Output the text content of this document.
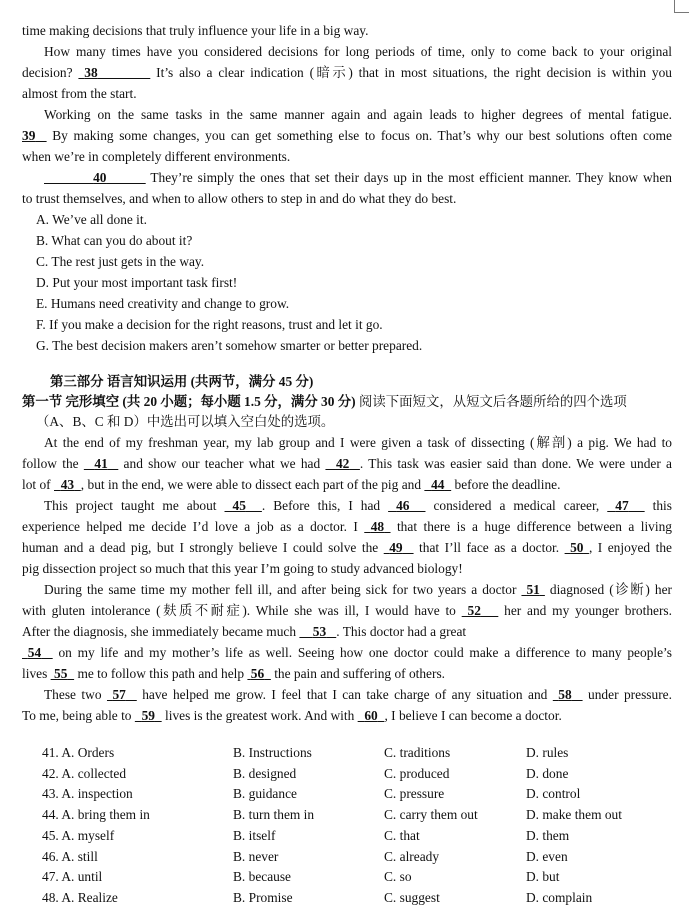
time making decisions that truly influence your life in a big way.
How many times have you considered decisions for long periods of time, only to come back to your original
decision?  38	It’s also a clear indication (暗示) that in most situations, the right decision is within you
almost from the start.
Working on the same tasks in the same manner again and again leads to higher degrees of mental fatigue.
39   By making some changes, you can get something else to focus on. That’s why our best solutions often come
when we’re in completely different environments.
40	They’re simply the ones that set their days up in the most efficient manner. They know when
to trust themselves, and when to allow others to step in and do what they do best.
A. We’ve all done it.
B. What can you do about it?
C. The rest just gets in the way.
D. Put your most important task first!
E. Humans need creativity and change to grow.
F. If you make a decision for the right reasons, trust and let it go.
G. The best decision makers aren’t somehow smarter or better prepared.
第三部分 语言知识运用 (共两节，满分 45 分)
第一节 完形填空 (共 20 小题；每小题 1.5 分，满分 30 分) 阅读下面短文，从短文后各题所给的四个选项
（A、B、C 和 D）中选出可以填入空白处的选项。
At the end of my freshman year, my lab group and I were given a task of dissecting (解剖) a pig. We had to
follow the   41   and show our teacher what we had   42 . This task was easier said than done. We were under a
lot of   43 , but in the end, we were able to dissect each part of the pig and   44   before the deadline.
This project taught me about  45 . Before this, I had  46   considered a medical career,  47   this
experience helped me decide I’d love a job as a doctor. I  48  that there is a huge difference between a living
human and a dead pig, but I strongly believe I could solve the  49   that I’ll face as a doctor.  50 , I enjoyed the
pig dissection project so much that this year I’m going to study advanced biology!
During the same time my mother fell ill, and after being sick for two years a doctor  51  diagnosed (诊断) her
with gluten intolerance (麸质不耐症). While she was ill, I would have to  52    her and my younger brothers.
After the diagnosis, she immediately became much     53 . This doctor had a great
54   on my life and my mother’s life as well. Seeing how one doctor could make a difference to many people’s
lives  55   me to follow this path and help  56   the pain and suffering of others.
These two  57   have helped me grow. I feel that I can take charge of any situation and  58   under pressure.
To me, being able to   59   lives is the greatest work. And with   60 , I believe I can become a doctor.
41. A. Orders	B. Instructions	C. traditions	D. rules
42. A. collected	B. designed	C. produced	D. done
43. A. inspection	B. guidance	C. pressure	D. control
44. A. bring them in	B. turn them in	C. carry them out	D. make them out
45. A. myself	B. itself	C. that	D. them
46. A. still	B. never	C. already	D. even
47. A. until	B. because	C. so	D. but
48. A. Realize	B. Promise	C. suggest	D. complain
